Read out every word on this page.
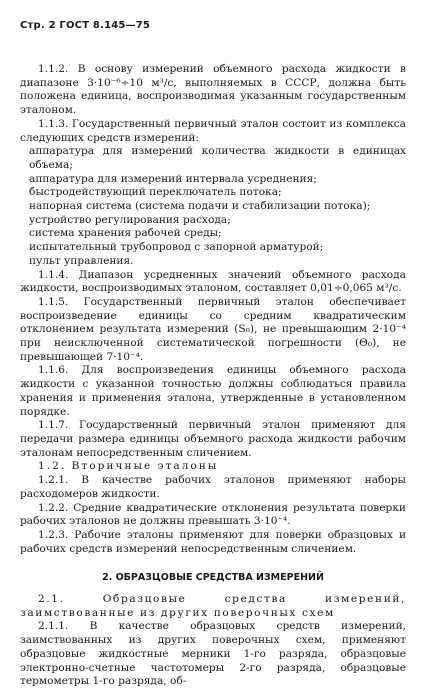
Стр. 2 ГОСТ 8.145—75

1.1.2. В основу измерений объемного расхода жидкости в диапазоне 3·10⁻⁶÷10 м³/с, выполняемых в СССР, должна быть положена единица, воспроизводимая указанным государственным эталоном.

1.1.3. Государственный первичный эталон состоит из комплекса следующих средств измерений:

аппаратура для измерений количества жидкости в единицах объема;

аппаратура для измерений интервала усреднения;

быстродействующий переключатель потока;

напорная система (система подачи и стабилизации потока);

устройство регулирования расхода;

система хранения рабочей среды;

испытательный трубопровод с запорной арматурой;

пульт управления.

1.1.4. Диапазон усредненных значений объемного расхода жидкости, воспроизводимых эталоном, составляет 0,01÷0,065 м³/с.

1.1.5. Государственный первичный эталон обеспечивает воспроизведение единицы со средним квадратическим отклонением результата измерений (S₀), не превышающим 2·10⁻⁴ при неисключенной систематической погрешности (Θ₀), не превышающей 7·10⁻⁴.

1.1.6. Для воспроизведения единицы объемного расхода жидкости с указанной точностью должны соблюдаться правила хранения и применения эталона, утвержденные в установленном порядке.

1.1.7. Государственный первичный эталон применяют для передачи размера единицы объемного расхода жидкости рабочим эталонам непосредственным сличением.

1.2. Вторичные эталоны

1.2.1. В качестве рабочих эталонов применяют наборы расходомеров жидкости.

1.2.2. Средние квадратические отклонения результата поверки рабочих эталонов не должны превышать 3·10⁻⁴.

1.2.3. Рабочие эталоны применяют для поверки образцовых и рабочих средств измерений непосредственным сличением.

2. ОБРАЗЦОВЫЕ СРЕДСТВА ИЗМЕРЕНИЙ

2.1. Образцовые средства измерений, заимствованные из других поверочных схем

2.1.1. В качестве образцовых средств измерений, заимствованных из других поверочных схем, применяют образцовые жидкостные мерники 1-го разряда, образцовые электронно-счетные частотомеры 2-го разряда, образцовые термометры 1-го разряда, об-
